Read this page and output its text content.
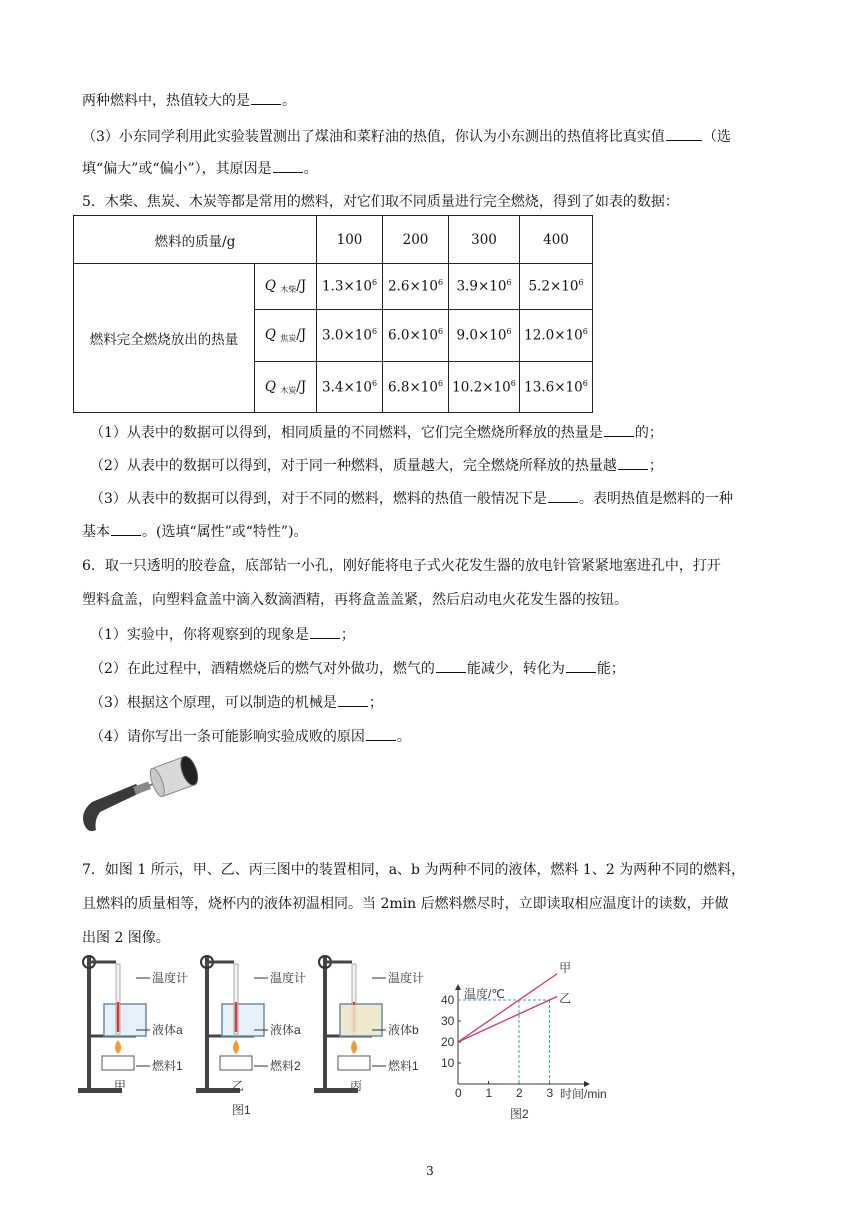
两种燃料中，热值较大的是 。
（3）小东同学利用此实验装置测出了煤油和菜籽油的热值，你认为小东测出的热值将比真实值	（选
填“偏大”或“偏小”），其原因是 。
5．木柴、焦炭、木炭等都是常用的燃料，对它们取不同质量进行完全燃烧，得到了如表的数据：
燃料的质量/g		100	200	300	400
燃料完全燃烧放出的热量	Q $_{木柴}$/J	$1.3\times 10^6$	$2.6\times 10^6$	$3.9\times 10^6$	$5.2\times 10^6$
	Q $_{焦炭}$/J	$3.0\times 10^6$	$6.0\times 10^6$	$9.0\times 10^6$	$12.0\times 10^6$
	Q $_{木炭}$/J	$3.4\times 10^6$	$6.8\times 10^6$	$10.2\times 10^6$	$13.6\times 10^6$
（1）从表中的数据可以得到，相同质量的不同燃料，它们完全燃烧所释放的热量是 的；
（2）从表中的数据可以得到，对于同一种燃料，质量越大，完全燃烧所释放的热量越 ；
（3）从表中的数据可以得到，对于不同的燃料，燃料的热值一般情况下是 。表明热值是燃料的一种
基本 。(选填“属性”或“特性”)。
6．取一只透明的胶卷盒，底部钻一小孔，刚好能将电子式火花发生器的放电针管紧紧地塞进孔中，打开
塑料盒盖，向塑料盒盖中滴入数滴酒精，再将盒盖盖紧，然后启动电火花发生器的按钮。
（1）实验中，你将观察到的现象是 ；
（2）在此过程中，酒精燃烧后的燃气对外做功，燃气的 能减少，转化为 能；
（3）根据这个原理，可以制造的机械是 ；
（4）请你写出一条可能影响实验成败的原因 。
7．如图 1 所示，甲、乙、丙三图中的装置相同，a、b 为两种不同的液体，燃料 1、2 为两种不同的燃料，
且燃料的质量相等，烧杯内的液体初温相同。当 2min 后燃料燃尽时，立即读取相应温度计的读数，并做
出图 2 图像。
温度计
液体a
燃料1
甲
温度计
液体a
燃料2
乙
温度计
液体b
燃料1
丙
图1
温度/℃
时间/min
0 1 2 3
10
20
30
40
甲
乙
图2
3
